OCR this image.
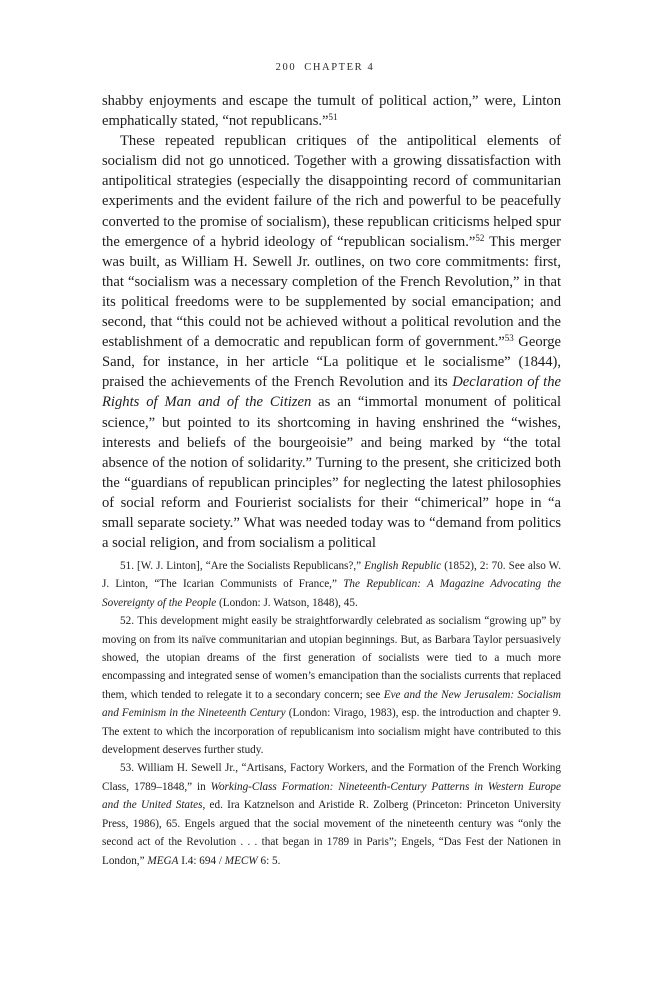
200 CHAPTER 4

shabby enjoyments and escape the tumult of political action,” were, Linton emphatically stated, “not republicans.”$^{51}$

These repeated republican critiques of the antipolitical elements of socialism did not go unnoticed. Together with a growing dissatisfaction with antipolitical strategies (especially the disappointing record of communitarian experiments and the evident failure of the rich and powerful to be peacefully converted to the promise of socialism), these republican criticisms helped spur the emergence of a hybrid ideology of “republican socialism.”$^{52}$ This merger was built, as William H. Sewell Jr. outlines, on two core commitments: first, that “socialism was a necessary completion of the French Revolution,” in that its political freedoms were to be supplemented by social emancipation; and second, that “this could not be achieved without a political revolution and the establishment of a democratic and republican form of government.”$^{53}$ George Sand, for instance, in her article “La politique et le socialisme” (1844), praised the achievements of the French Revolution and its Declaration of the Rights of Man and of the Citizen as an “immortal monument of political science,” but pointed to its shortcoming in having enshrined the “wishes, interests and beliefs of the bourgeoisie” and being marked by “the total absence of the notion of solidarity.” Turning to the present, she criticized both the “guardians of republican principles” for neglecting the latest philosophies of social reform and Fourierist socialists for their “chimerical” hope in “a small separate society.” What was needed today was to “demand from politics a social religion, and from socialism a political

51. [W. J. Linton], “Are the Socialists Republicans?,” English Republic (1852), 2: 70. See also W. J. Linton, “The Icarian Communists of France,” The Republican: A Magazine Advocating the Sovereignty of the People (London: J. Watson, 1848), 45.

52. This development might easily be straightforwardly celebrated as socialism “growing up” by moving on from its naïve communitarian and utopian beginnings. But, as Barbara Taylor persuasively showed, the utopian dreams of the first generation of socialists were tied to a much more encompassing and integrated sense of women’s emancipation than the socialists currents that replaced them, which tended to relegate it to a secondary concern; see Eve and the New Jerusalem: Socialism and Feminism in the Nineteenth Century (London: Virago, 1983), esp. the introduction and chapter 9. The extent to which the incorporation of republicanism into socialism might have contributed to this development deserves further study.

53. William H. Sewell Jr., “Artisans, Factory Workers, and the Formation of the French Working Class, 1789–1848,” in Working-Class Formation: Nineteenth-Century Patterns in Western Europe and the United States, ed. Ira Katznelson and Aristide R. Zolberg (Princeton: Princeton University Press, 1986), 65. Engels argued that the social movement of the nineteenth century was “only the second act of the Revolution . . . that began in 1789 in Paris”; Engels, “Das Fest der Nationen in London,” MEGA I.4: 694 / MECW 6: 5.
